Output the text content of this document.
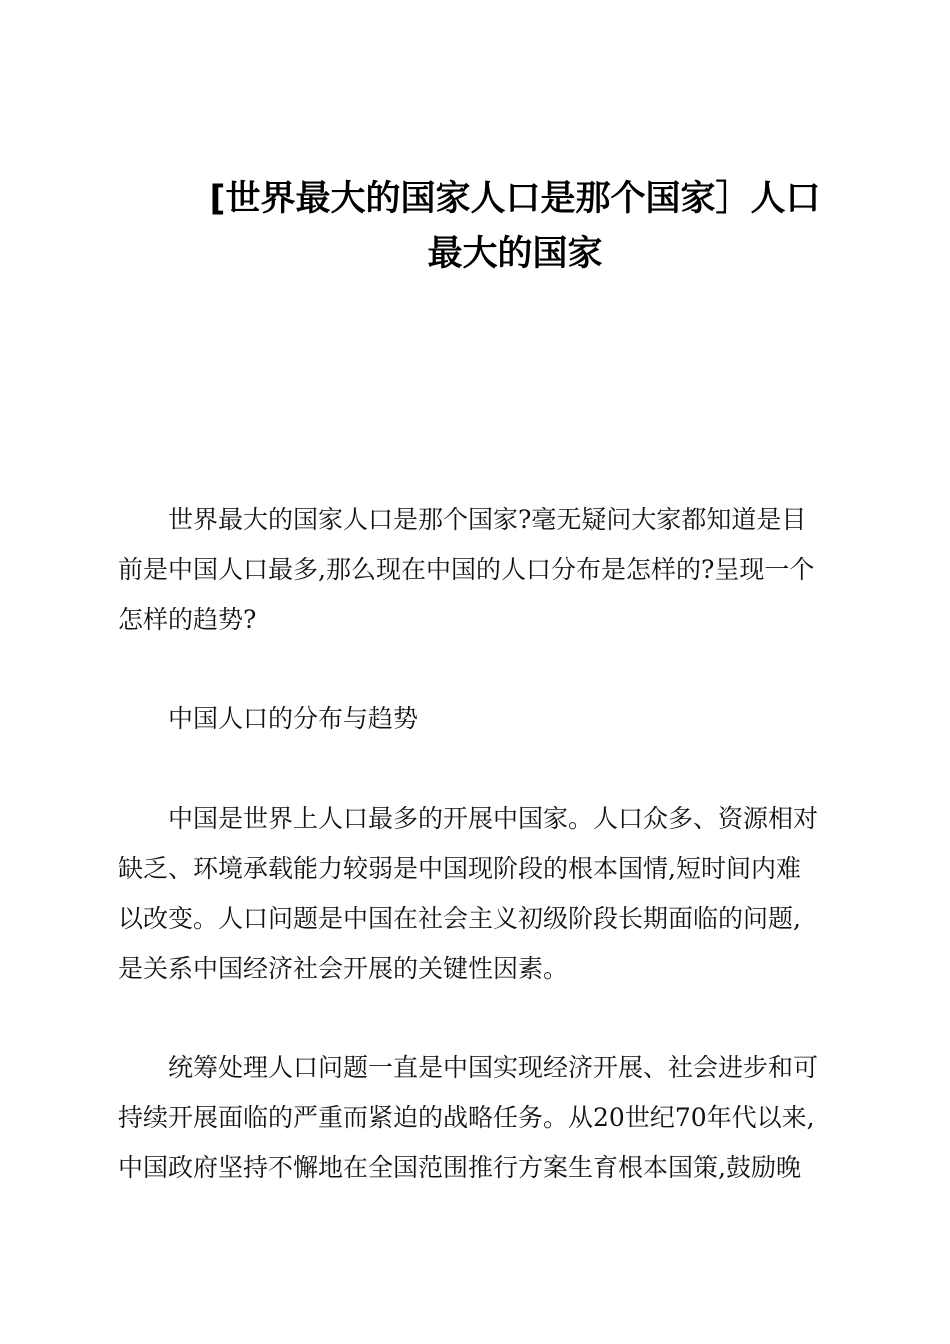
[世界最大的国家人口是那个国家］人口
最大的国家

世界最大的国家人口是那个国家?毫无疑问大家都知道是目
前是中国人口最多,那么现在中国的人口分布是怎样的?呈现一个
怎样的趋势?

中国人口的分布与趋势

中国是世界上人口最多的开展中国家。人口众多、资源相对
缺乏、环境承载能力较弱是中国现阶段的根本国情,短时间内难
以改变。人口问题是中国在社会主义初级阶段长期面临的问题,
是关系中国经济社会开展的关键性因素。

统筹处理人口问题一直是中国实现经济开展、社会进步和可
持续开展面临的严重而紧迫的战略任务。从20世纪70年代以来,
中国政府坚持不懈地在全国范围推行方案生育根本国策,鼓励晚
